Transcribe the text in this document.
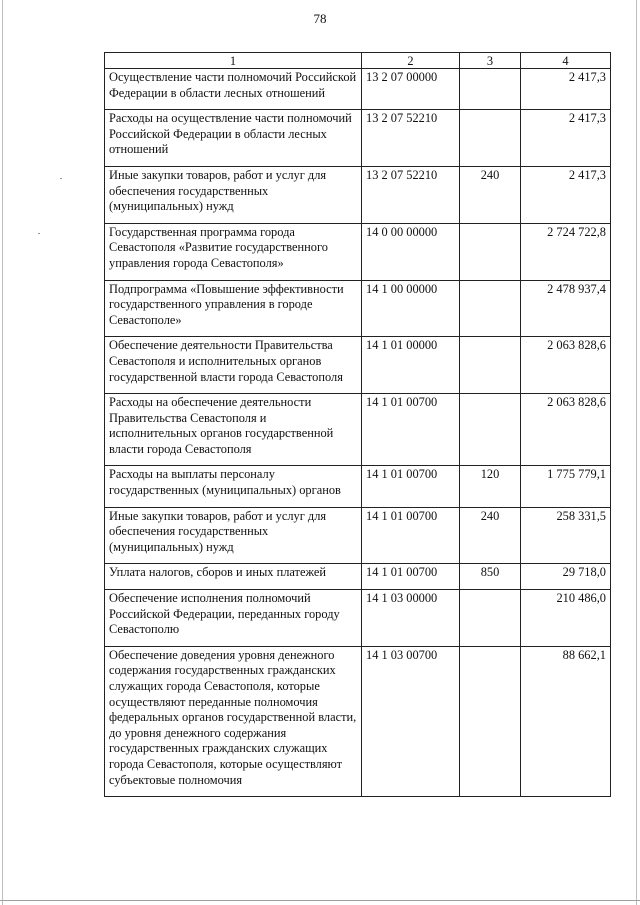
78
1	2	3	4
Осуществление части полномочий Российской Федерации в области лесных отношений	13 2 07 00000		2 417,3
Расходы на осуществление части полномочий Российской Федерации в области лесных отношений	13 2 07 52210		2 417,3
Иные закупки товаров, работ и услуг для обеспечения государственных (муниципальных) нужд	13 2 07 52210	240	2 417,3
Государственная программа города Севастополя «Развитие государственного управления города Севастополя»	14 0 00 00000		2 724 722,8
Подпрограмма «Повышение эффективности государственного управления в городе Севастополе»	14 1 00 00000		2 478 937,4
Обеспечение деятельности Правительства Севастополя и исполнительных органов государственной власти города Севастополя	14 1 01 00000		2 063 828,6
Расходы на обеспечение деятельности Правительства Севастополя и исполнительных органов государственной власти города Севастополя	14 1 01 00700		2 063 828,6
Расходы на выплаты персоналу государственных (муниципальных) органов	14 1 01 00700	120	1 775 779,1
Иные закупки товаров, работ и услуг для обеспечения государственных (муниципальных) нужд	14 1 01 00700	240	258 331,5
Уплата налогов, сборов и иных платежей	14 1 01 00700	850	29 718,0
Обеспечение исполнения полномочий Российской Федерации, переданных городу Севастополю	14 1 03 00000		210 486,0
Обеспечение доведения уровня денежного содержания государственных гражданских служащих города Севастополя, которые осуществляют переданные полномочия федеральных органов государственной власти, до уровня денежного содержания государственных гражданских служащих города Севастополя, которые осуществляют субъектовые полномочия	14 1 03 00700		88 662,1
